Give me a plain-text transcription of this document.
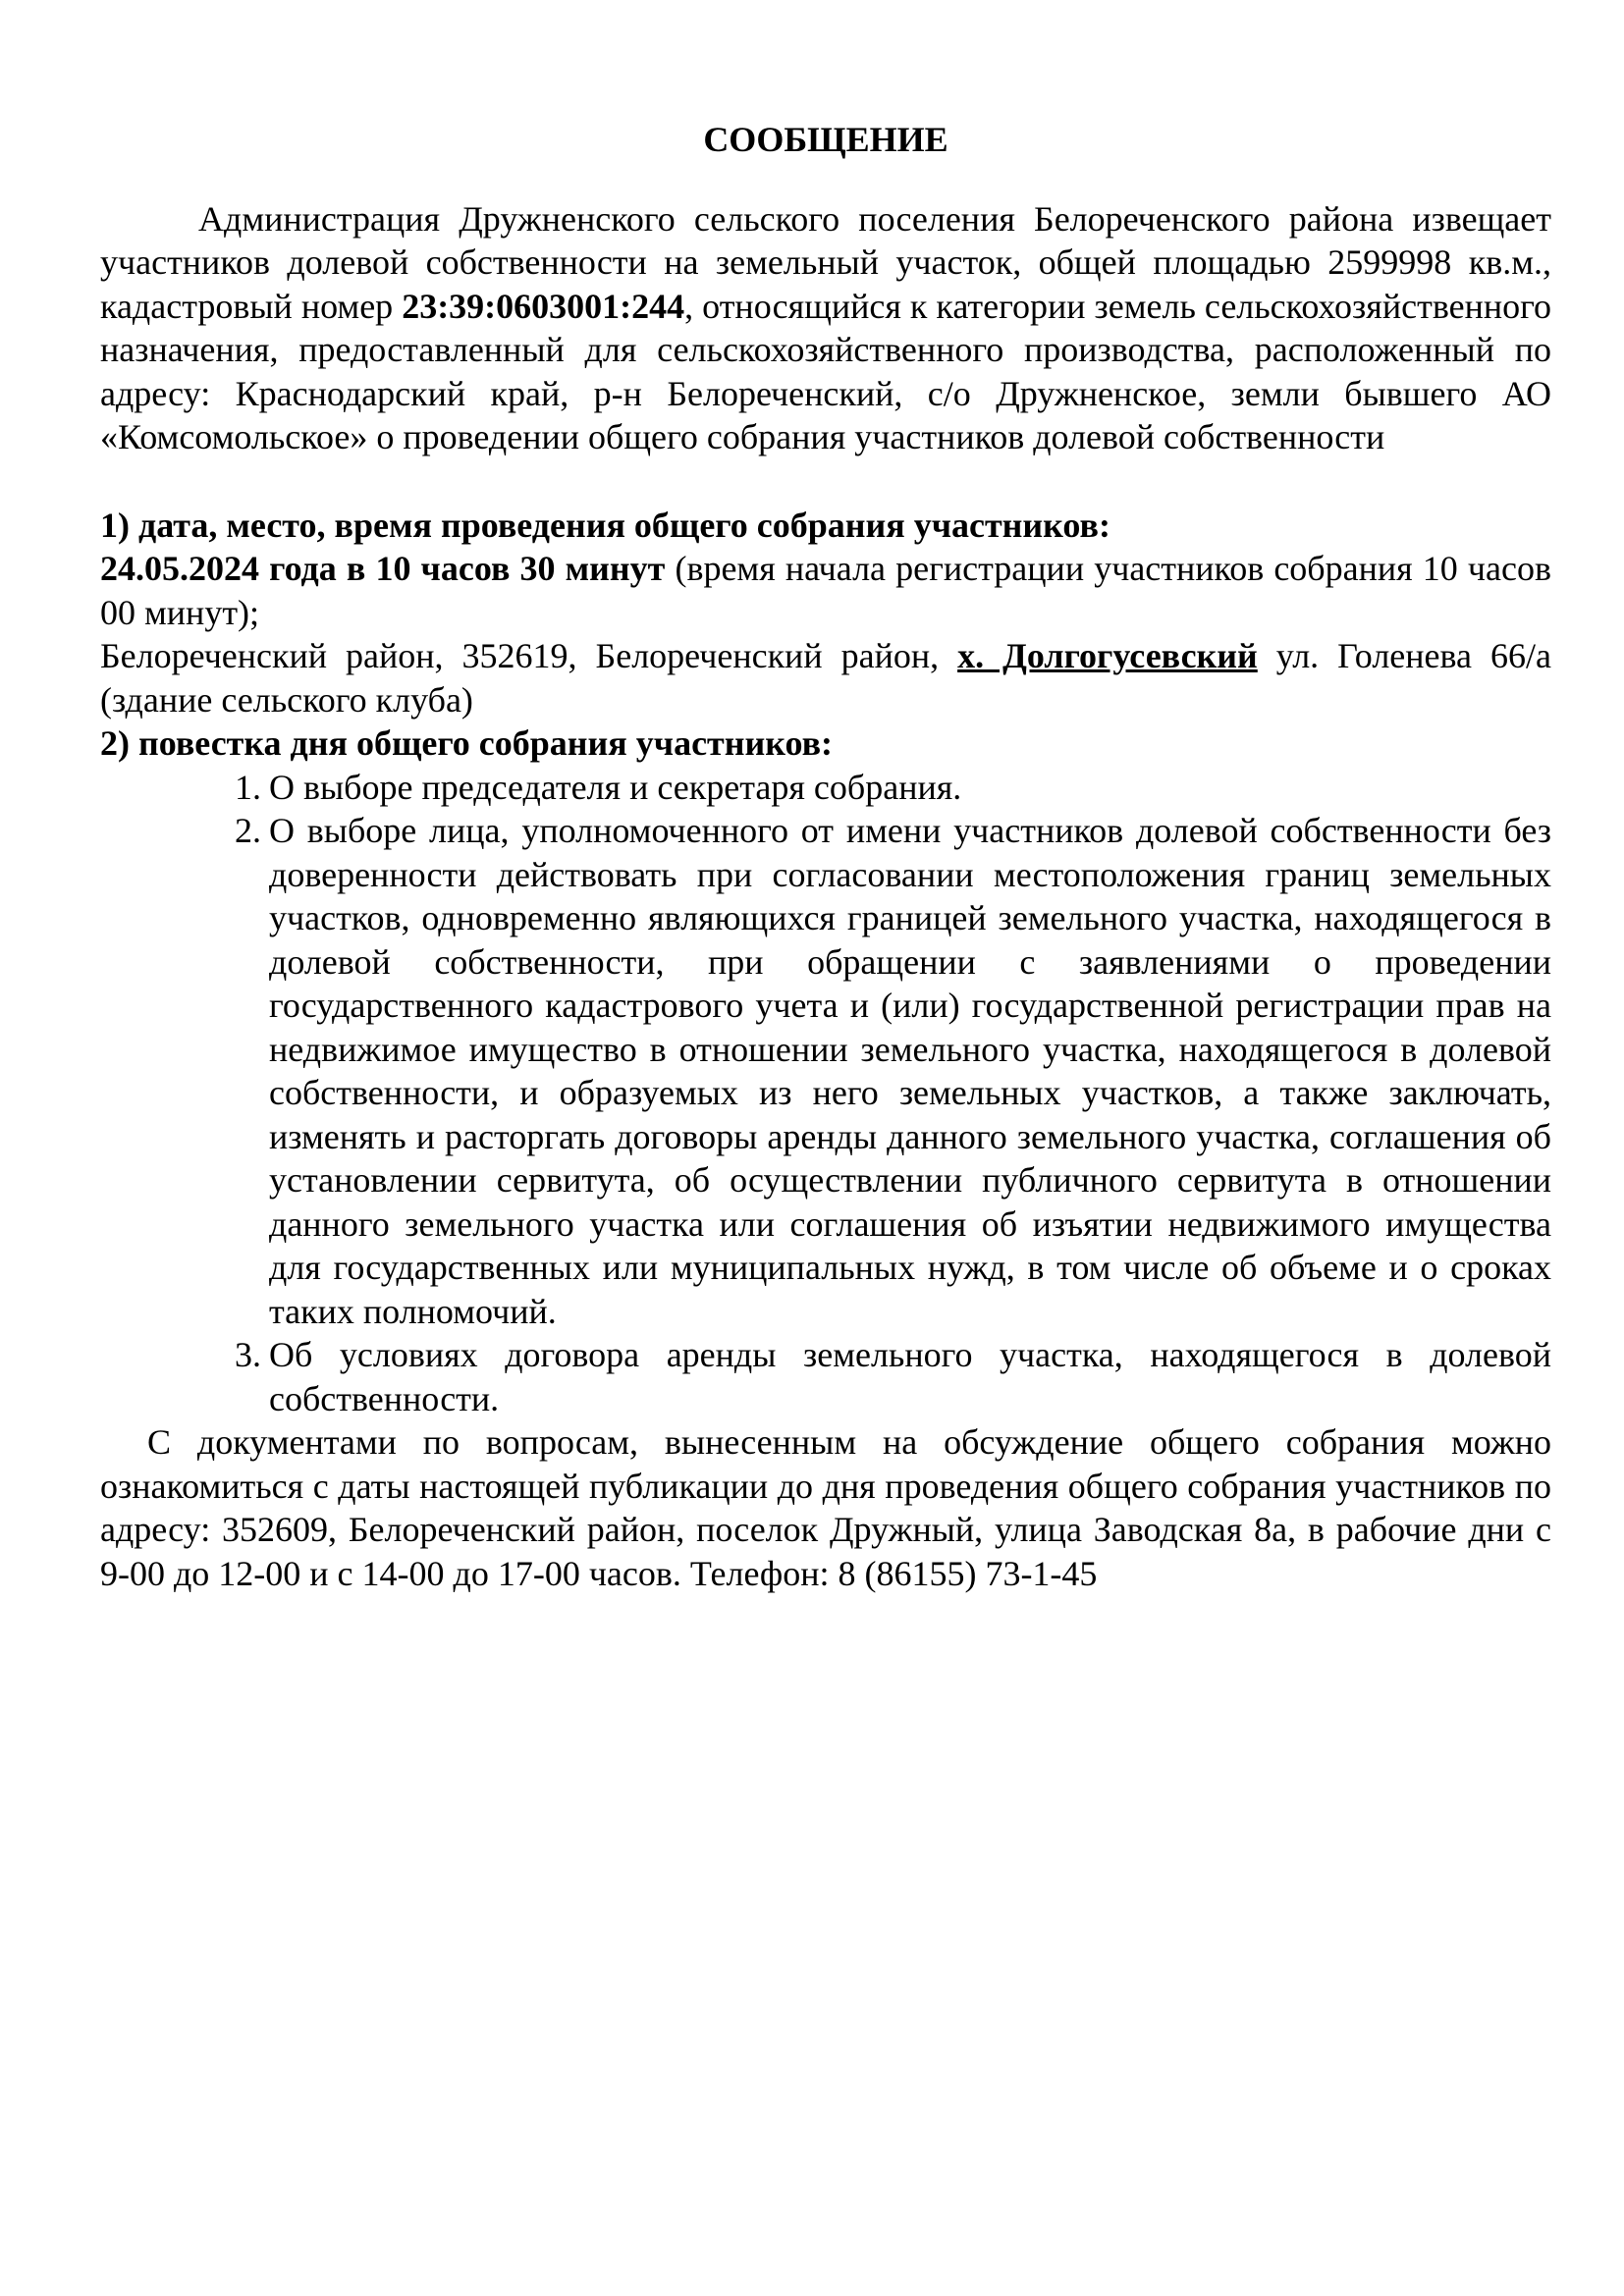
СООБЩЕНИЕ

Администрация Дружненского сельского поселения Белореченского района извещает участников долевой собственности на земельный участок, общей площадью 2599998 кв.м., кадастровый номер 23:39:0603001:244, относящийся к категории земель сельскохозяйственного назначения, предоставленный для сельскохозяйственного производства, расположенный по адресу: Краснодарский край, р-н Белореченский, с/о Дружненское, земли бывшего АО «Комсомольское» о проведении общего собрания участников долевой собственности

1) дата, место, время проведения общего собрания участников:

24.05.2024 года в 10 часов 30 минут (время начала регистрации участников собрания 10 часов 00 минут);

Белореченский район, 352619, Белореченский район, х. Долгогусевский ул. Голенева 66/а (здание сельского клуба)

2) повестка дня общего собрания участников:

1. О выборе председателя и секретаря собрания.
2. О выборе лица, уполномоченного от имени участников долевой собственности без доверенности действовать при согласовании местоположения границ земельных участков, одновременно являющихся границей земельного участка, находящегося в долевой собственности, при обращении с заявлениями о проведении государственного кадастрового учета и (или) государственной регистрации прав на недвижимое имущество в отношении земельного участка, находящегося в долевой собственности, и образуемых из него земельных участков, а также заключать, изменять и расторгать договоры аренды данного земельного участка, соглашения об установлении сервитута, об осуществлении публичного сервитута в отношении данного земельного участка или соглашения об изъятии недвижимого имущества для государственных или муниципальных нужд, в том числе об объеме и о сроках таких полномочий.
3. Об условиях договора аренды земельного участка, находящегося в долевой собственности.

С документами по вопросам, вынесенным на обсуждение общего собрания можно ознакомиться с даты настоящей публикации до дня проведения общего собрания участников по адресу: 352609, Белореченский район, поселок Дружный, улица Заводская 8а, в рабочие дни с 9-00 до 12-00 и с 14-00 до 17-00 часов. Телефон: 8 (86155) 73-1-45
